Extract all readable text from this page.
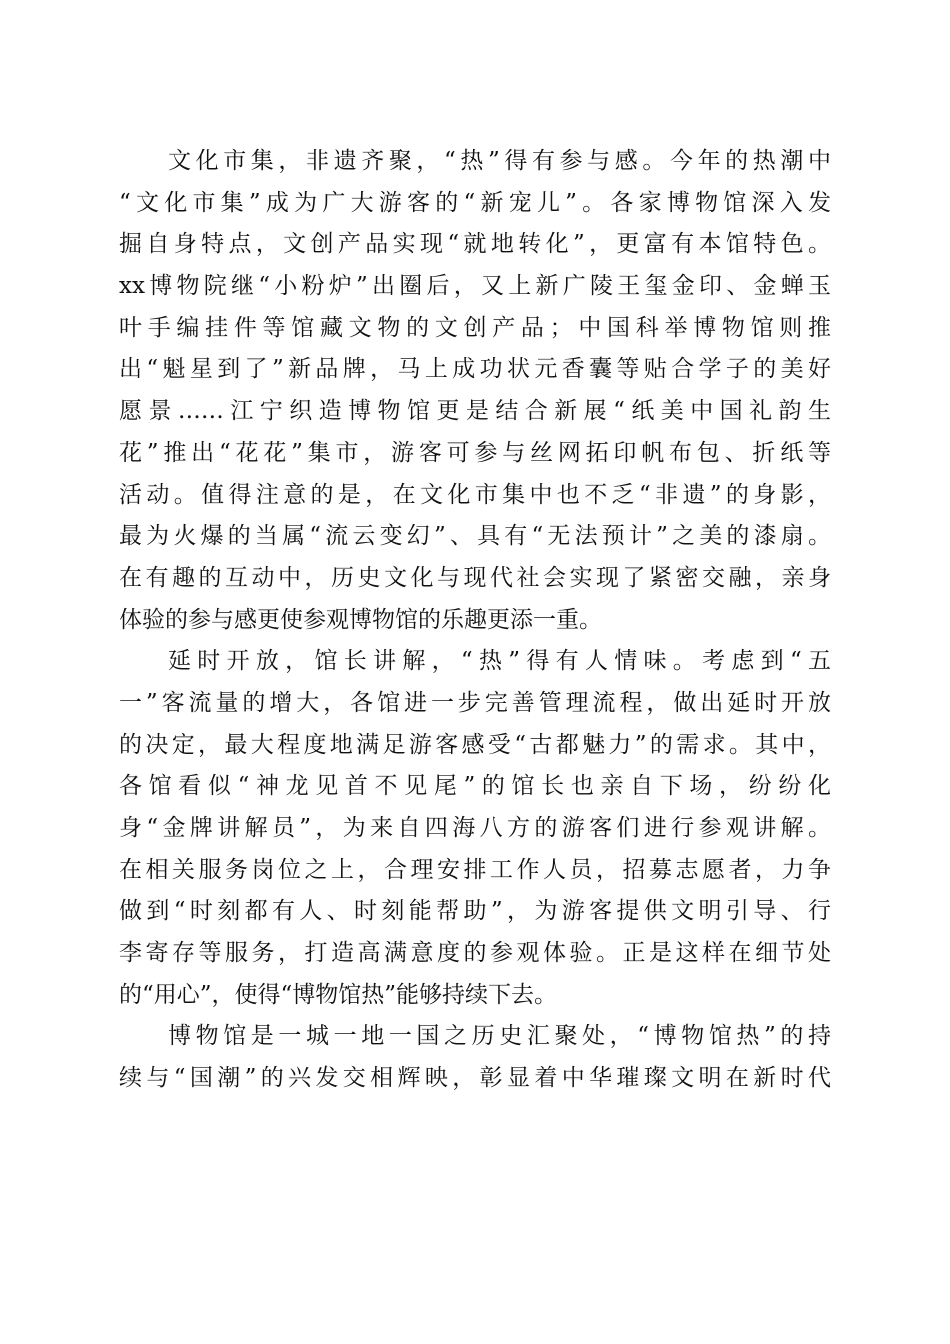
文化市集，非遗齐聚，“热”得有参与感。今年的热潮中
“文化市集”成为广大游客的“新宠儿”。各家博物馆深入发
掘自身特点，文创产品实现“就地转化”，更富有本馆特色。
xx博物院继“小粉炉”出圈后，又上新广陵王玺金印、金蝉玉
叶手编挂件等馆藏文物的文创产品；中国科举博物馆则推
出“魁星到了”新品牌，马上成功状元香囊等贴合学子的美好
愿景……江宁织造博物馆更是结合新展“纸美中国礼韵生
花”推出“花花”集市，游客可参与丝网拓印帆布包、折纸等
活动。值得注意的是，在文化市集中也不乏“非遗”的身影，
最为火爆的当属“流云变幻”、具有“无法预计”之美的漆扇。
在有趣的互动中，历史文化与现代社会实现了紧密交融，亲身
体验的参与感更使参观博物馆的乐趣更添一重。

延时开放，馆长讲解，“热”得有人情味。考虑到“五
一”客流量的增大，各馆进一步完善管理流程，做出延时开放
的决定，最大程度地满足游客感受“古都魅力”的需求。其中，
各馆看似“神龙见首不见尾”的馆长也亲自下场，纷纷化
身“金牌讲解员”，为来自四海八方的游客们进行参观讲解。
在相关服务岗位之上，合理安排工作人员，招募志愿者，力争
做到“时刻都有人、时刻能帮助”，为游客提供文明引导、行
李寄存等服务，打造高满意度的参观体验。正是这样在细节处
的“用心”，使得“博物馆热”能够持续下去。

博物馆是一城一地一国之历史汇聚处，“博物馆热”的持
续与“国潮”的兴发交相辉映，彰显着中华璀璨文明在新时代
